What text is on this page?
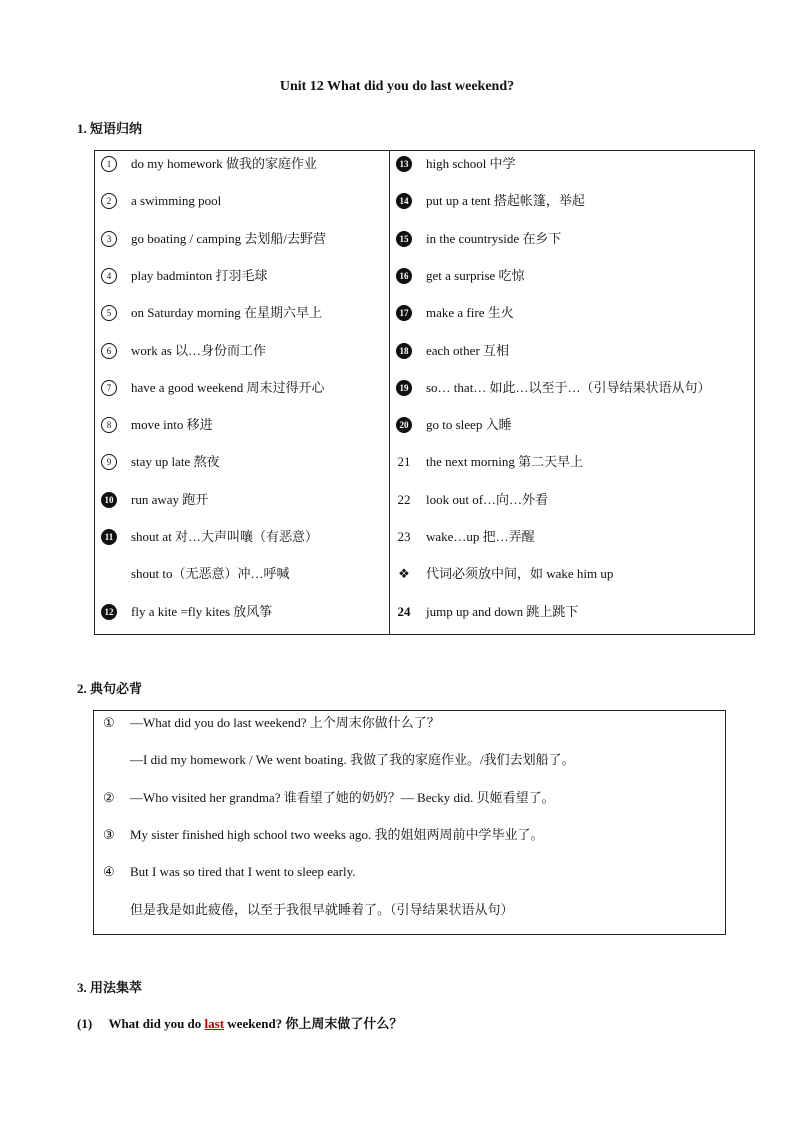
Unit 12 What did you do last weekend?
1. 短语归纳
1	do my homework 做我的家庭作业
2	a swimming pool
3	go boating / camping 去划船/去野营
4	play badminton 打羽毛球
5	on Saturday morning 在星期六早上
6	work as 以…身份而工作
7	have a good weekend 周末过得开心
8	move into 移进
9	stay up late 熬夜
10	run away 跑开
11	shout at 对…大声叫嚷（有恶意）
shout to（无恶意）冲…呼喊
12	fly a kite =fly kites 放风筝
13	high school 中学
14	put up a tent 搭起帐篷，举起
15	in the countryside 在乡下
16	get a surprise 吃惊
17	make a fire 生火
18	each other 互相
19	so… that… 如此…以至于…（引导结果状语从句）
20	go to sleep 入睡
21	the next morning 第二天早上
22	look out of…向…外看
23	wake…up 把…弄醒
❖	代词必须放中间，如 wake him up
24	jump up and down 跳上跳下
2. 典句必背
① —What did you do last weekend? 上个周末你做什么了？
—I did my homework / We went boating. 我做了我的家庭作业。/我们去划船了。
② —Who visited her grandma? 谁看望了她的奶奶？— Becky did. 贝姬看望了。
③ My sister finished high school two weeks ago. 我的姐姐两周前中学毕业了。
④ But I was so tired that I went to sleep early.
但是我是如此疲倦，以至于我很早就睡着了。（引导结果状语从句）
3. 用法集萃
(1) What did you do last weekend? 你上周末做了什么？
